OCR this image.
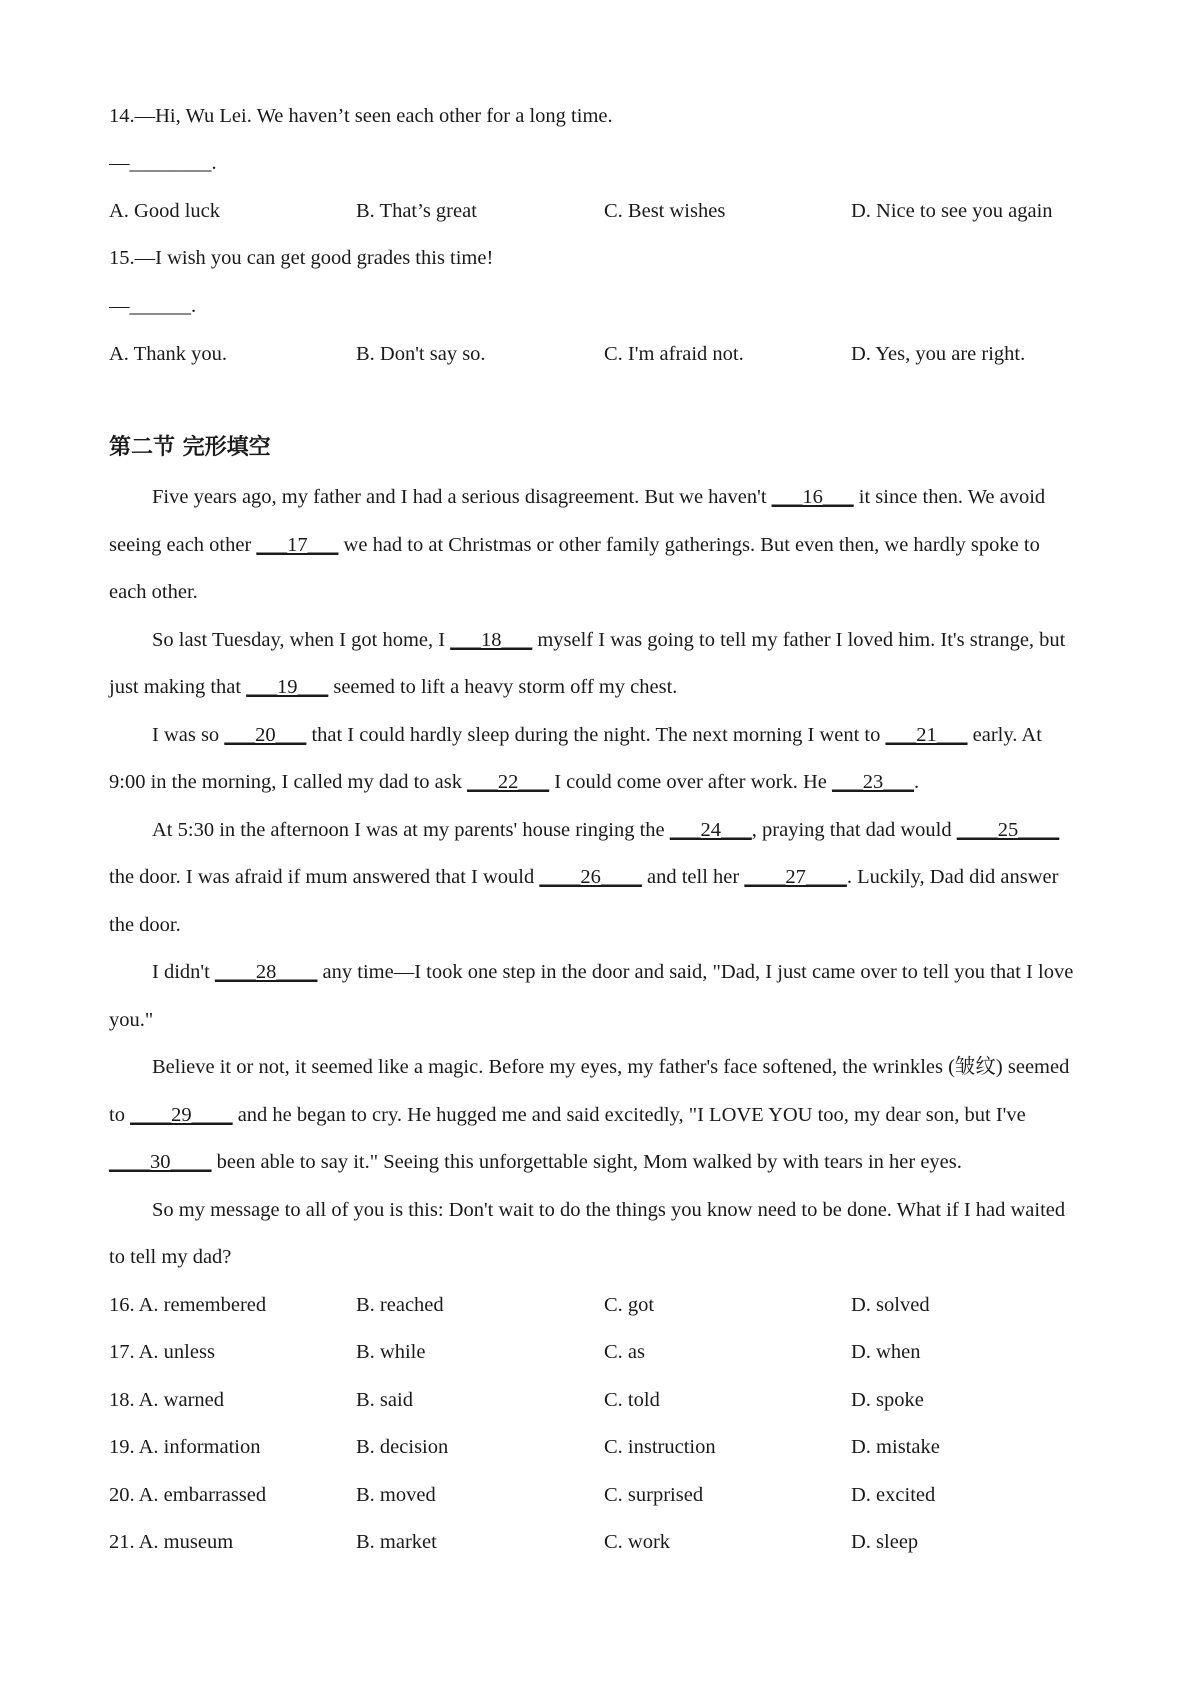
14.—Hi, Wu Lei. We haven’t seen each other for a long time.
—________.
A. Good luck	B. That’s great	C. Best wishes	D. Nice to see you again
15.—I wish you can get good grades this time!
—______.
A. Thank you.	B. Don't say so.	C. I'm afraid not.	D. Yes, you are right.
第二节 完形填空
Five years ago, my father and I had a serious disagreement. But we haven't ___16___ it since then. We avoid
seeing each other ___17___ we had to at Christmas or other family gatherings. But even then, we hardly spoke to
each other.
So last Tuesday, when I got home, I ___18___ myself I was going to tell my father I loved him. It's strange, but
just making that ___19___ seemed to lift a heavy storm off my chest.
I was so ___20___ that I could hardly sleep during the night. The next morning I went to ___21___ early. At
9:00 in the morning, I called my dad to ask ___22___ I could come over after work. He ___23___.
At 5:30 in the afternoon I was at my parents' house ringing the ___24___, praying that dad would ____25____
the door. I was afraid if mum answered that I would ____26____ and tell her ____27____. Luckily, Dad did answer
the door.
I didn't ____28____ any time—I took one step in the door and said, "Dad, I just came over to tell you that I love
you."
Believe it or not, it seemed like a magic. Before my eyes, my father's face softened, the wrinkles (皱纹) seemed
to ____29____ and he began to cry. He hugged me and said excitedly, "I LOVE YOU too, my dear son, but I've
____30____ been able to say it." Seeing this unforgettable sight, Mom walked by with tears in her eyes.
So my message to all of you is this: Don't wait to do the things you know need to be done. What if I had waited
to tell my dad?
16. A. remembered	B. reached	C. got	D. solved
17. A. unless	B. while	C. as	D. when
18. A. warned	B. said	C. told	D. spoke
19. A. information	B. decision	C. instruction	D. mistake
20. A. embarrassed	B. moved	C. surprised	D. excited
21. A. museum	B. market	C. work	D. sleep
